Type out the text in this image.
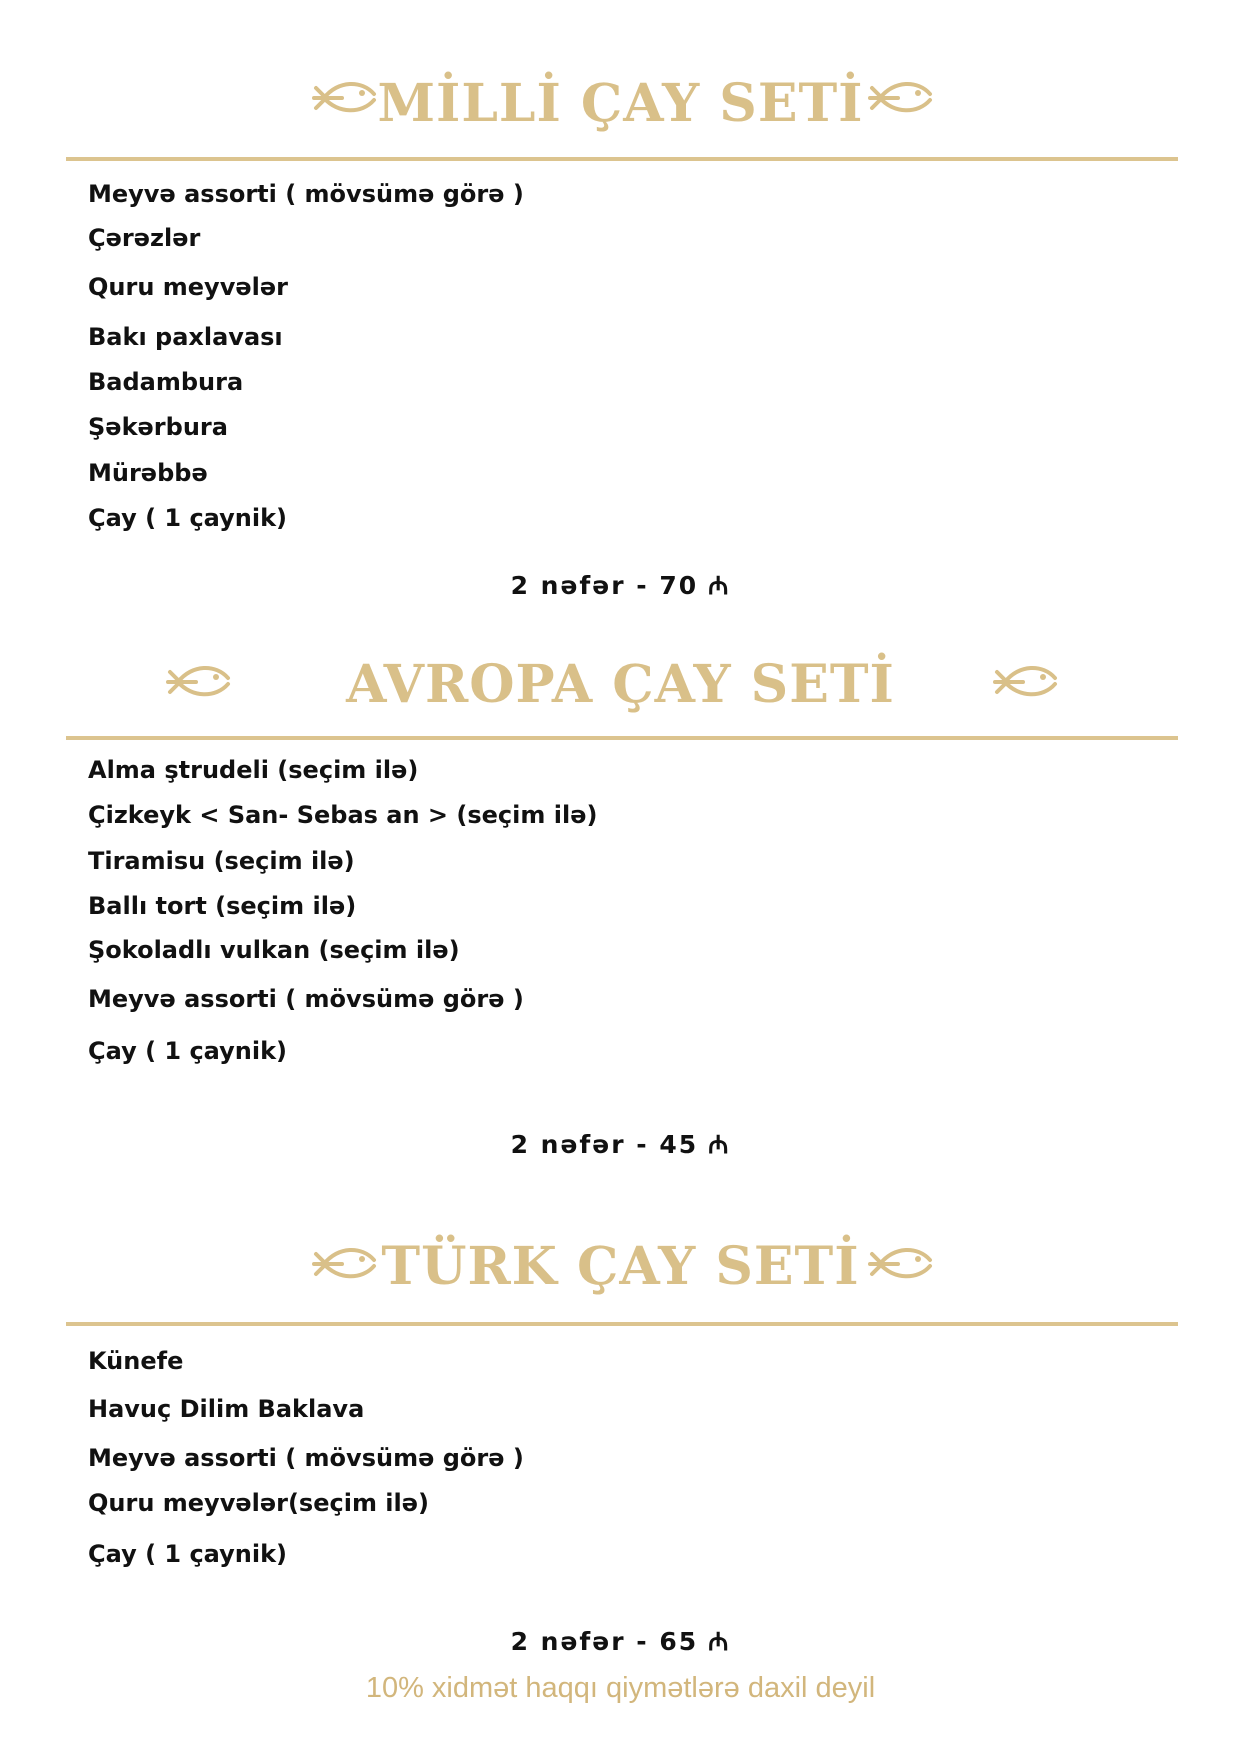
MİLLİ ÇAY SETİ
Meyvə assorti ( mövsümə görə )
Çərəzlər
Quru meyvələr
Bakı paxlavası
Badambura
Şəkərbura
Mürəbbə
Çay ( 1 çaynik)
2 nəfər - 70 ₼
AVROPA ÇAY SETİ
Alma ştrudeli (seçim ilə)
Çizkeyk < San- Sebas an > (seçim ilə)
Tiramisu (seçim ilə)
Ballı tort (seçim ilə)
Şokoladlı vulkan (seçim ilə)
Meyvə assorti ( mövsümə görə )
Çay ( 1 çaynik)
2 nəfər - 45 ₼
TÜRK ÇAY SETİ
Künefe
Havuç Dilim Baklava
Meyvə assorti ( mövsümə görə )
Quru meyvələr(seçim ilə)
Çay ( 1 çaynik)
2 nəfər - 65 ₼
10% xidmət haqqı qiymətlərə daxil deyil
